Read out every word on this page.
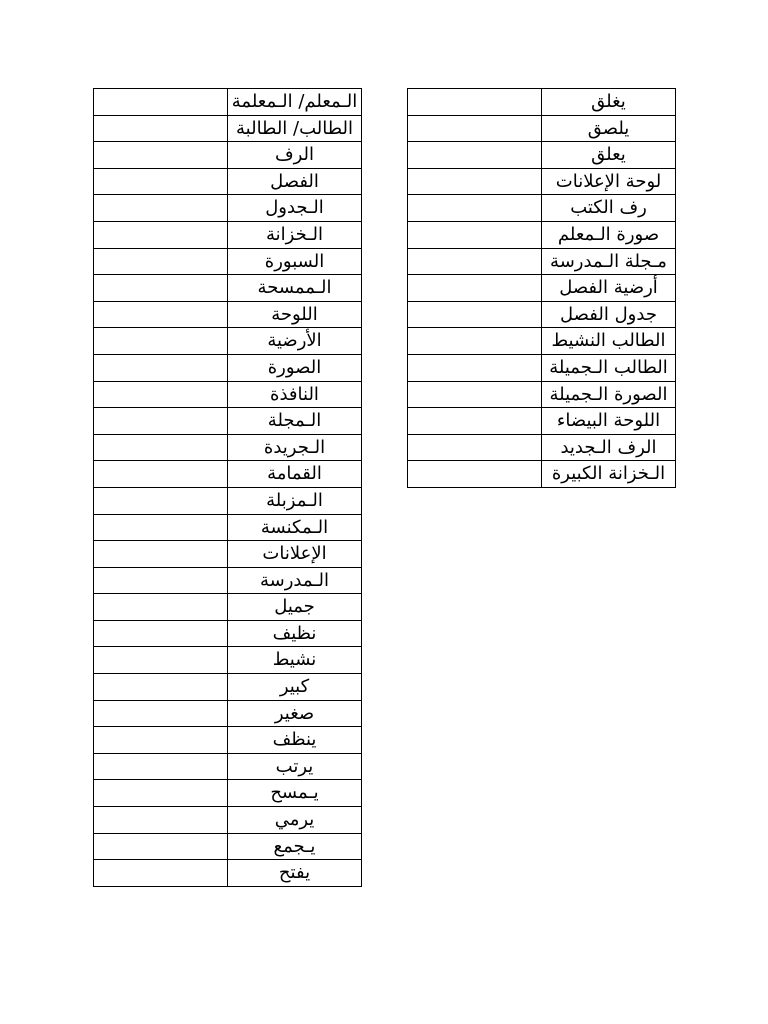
	الـمعلم/ الـمعلمة
	الطالب/ الطالبة
	الرف
	الفصل
	الـجدول
	الـخزانة
	السبورة
	الـممسحة
	اللوحة
	الأرضية
	الصورة
	النافذة
	الـمجلة
	الـجريدة
	القمامة
	الـمزبلة
	الـمكنسة
	الإعلانات
	الـمدرسة
	جميل
	نظيف
	نشيط
	كبير
	صغير
	ينظف
	يرتب
	يـمسح
	يرمي
	يـجمع
	يفتح
	يغلق
	يلصق
	يعلق
	لوحة الإعلانات
	رف الكتب
	صورة الـمعلم
	مـجلة الـمدرسة
	أرضية الفصل
	جدول الفصل
	الطالب النشيط
	الطالب الـجميلة
	الصورة الـجميلة
	اللوحة البيضاء
	الرف الـجديد
	الـخزانة الكبيرة
